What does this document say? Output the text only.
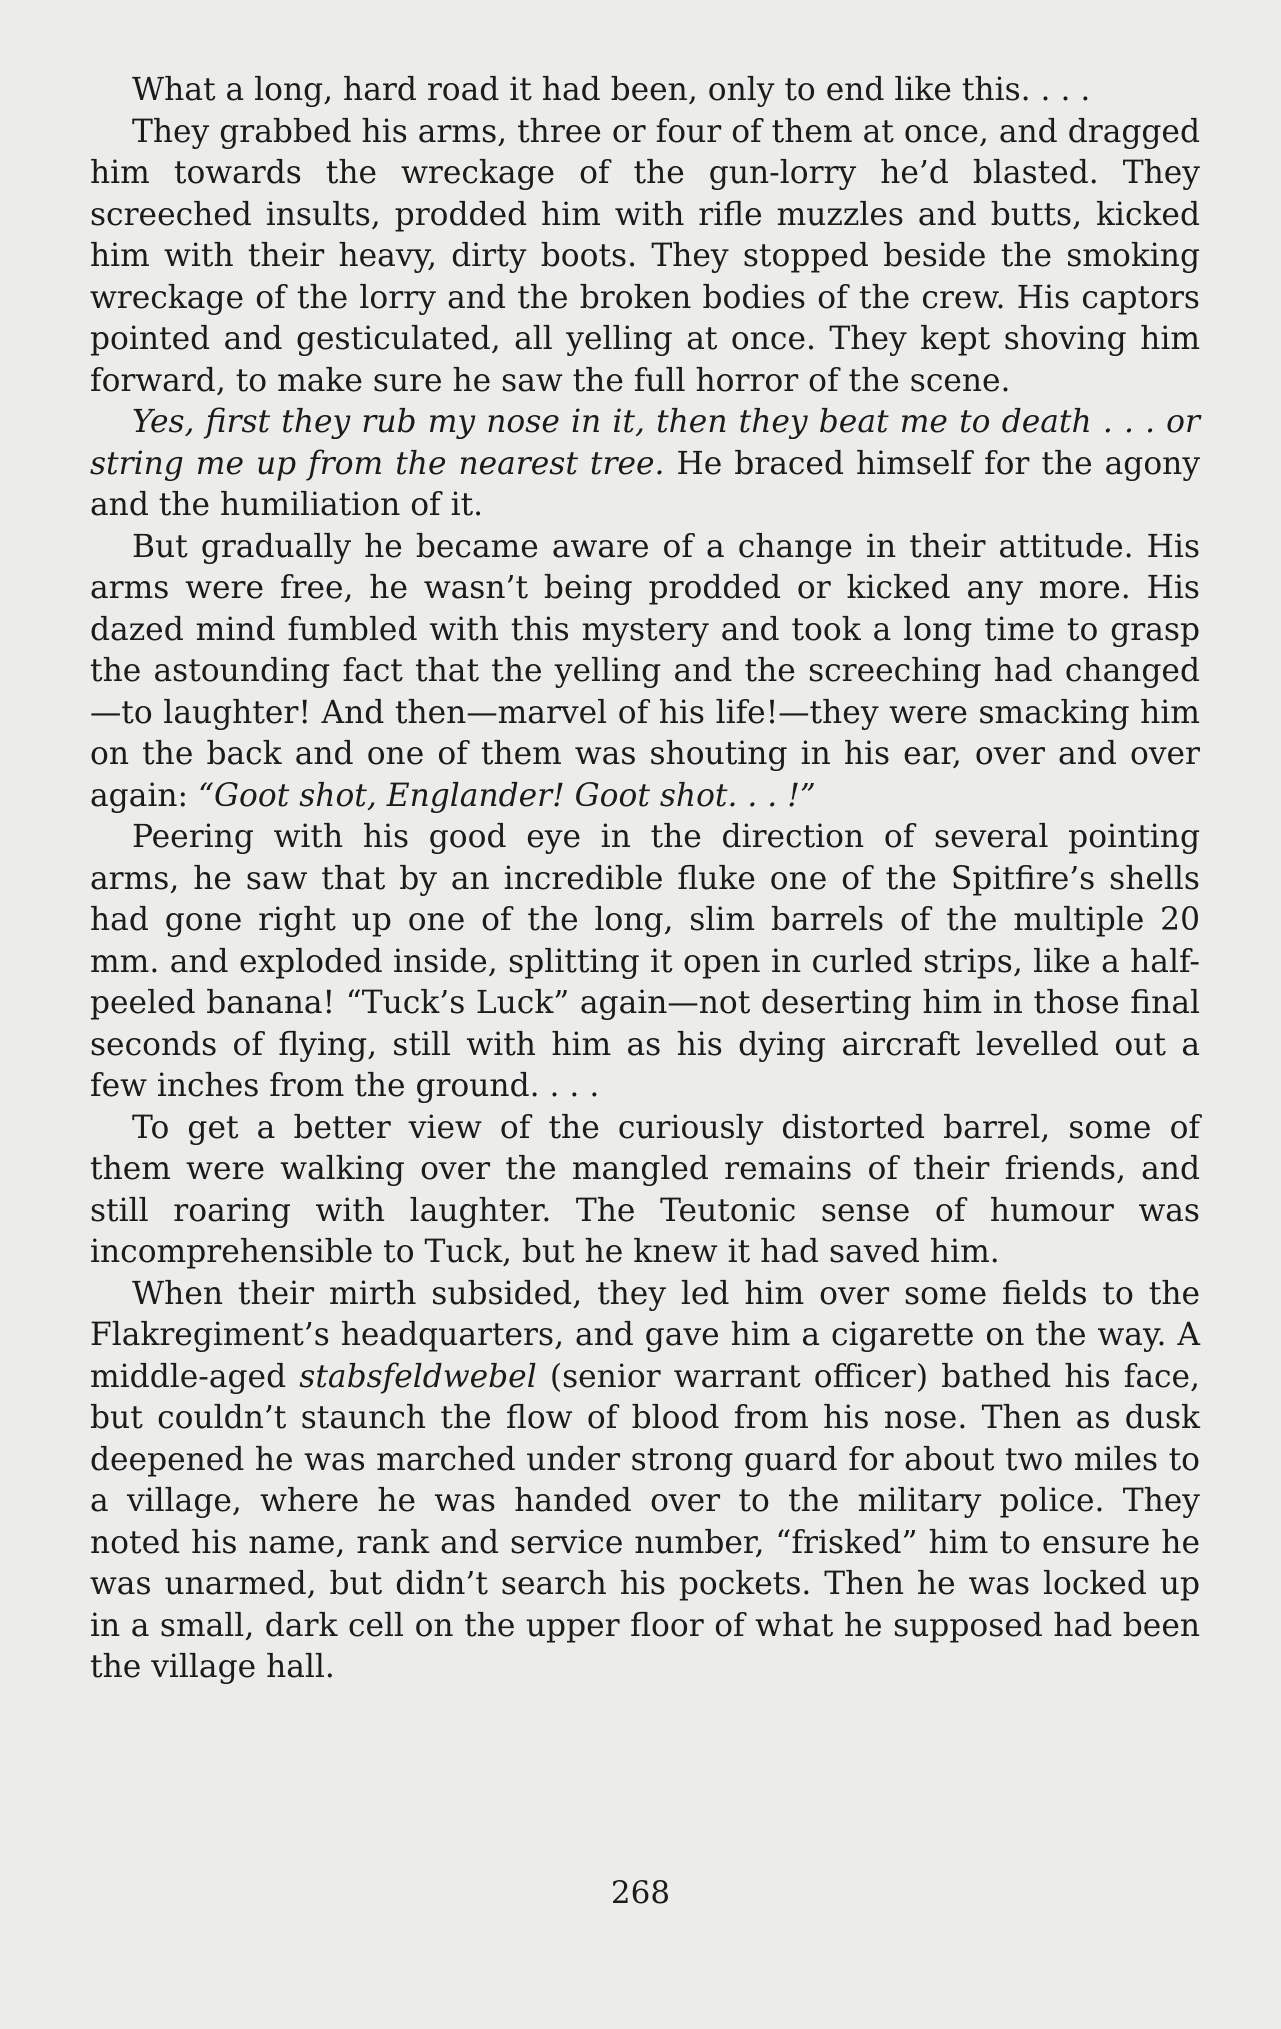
What a long, hard road it had been, only to end like this. . . .

They grabbed his arms, three or four of them at once, and dragged him towards the wreckage of the gun-lorry he’d blasted. They screeched insults, prodded him with rifle muzzles and butts, kicked him with their heavy, dirty boots. They stopped beside the smoking wreckage of the lorry and the broken bodies of the crew. His captors pointed and gesticulated, all yelling at once. They kept shoving him forward, to make sure he saw the full horror of the scene.

Yes, first they rub my nose in it, then they beat me to death . . . or string me up from the nearest tree. He braced himself for the agony and the humiliation of it.

But gradually he became aware of a change in their attitude. His arms were free, he wasn’t being prodded or kicked any more. His dazed mind fumbled with this mystery and took a long time to grasp the astounding fact that the yelling and the screeching had changed—to laughter! And then—marvel of his life!—they were smacking him on the back and one of them was shouting in his ear, over and over again: “Goot shot, Englander! Goot shot. . . !”

Peering with his good eye in the direction of several pointing arms, he saw that by an incredible fluke one of the Spitfire’s shells had gone right up one of the long, slim barrels of the multiple 20 mm. and exploded inside, splitting it open in curled strips, like a half-peeled banana! “Tuck’s Luck” again—not deserting him in those final seconds of flying, still with him as his dying aircraft levelled out a few inches from the ground. . . .

To get a better view of the curiously distorted barrel, some of them were walking over the mangled remains of their friends, and still roaring with laughter. The Teutonic sense of humour was incomprehensible to Tuck, but he knew it had saved him.

When their mirth subsided, they led him over some fields to the Flakregiment’s headquarters, and gave him a cigarette on the way. A middle-aged stabsfeldwebel (senior warrant officer) bathed his face, but couldn’t staunch the flow of blood from his nose. Then as dusk deepened he was marched under strong guard for about two miles to a village, where he was handed over to the military police. They noted his name, rank and service number, “frisked” him to ensure he was unarmed, but didn’t search his pockets. Then he was locked up in a small, dark cell on the upper floor of what he supposed had been the village hall.

268
